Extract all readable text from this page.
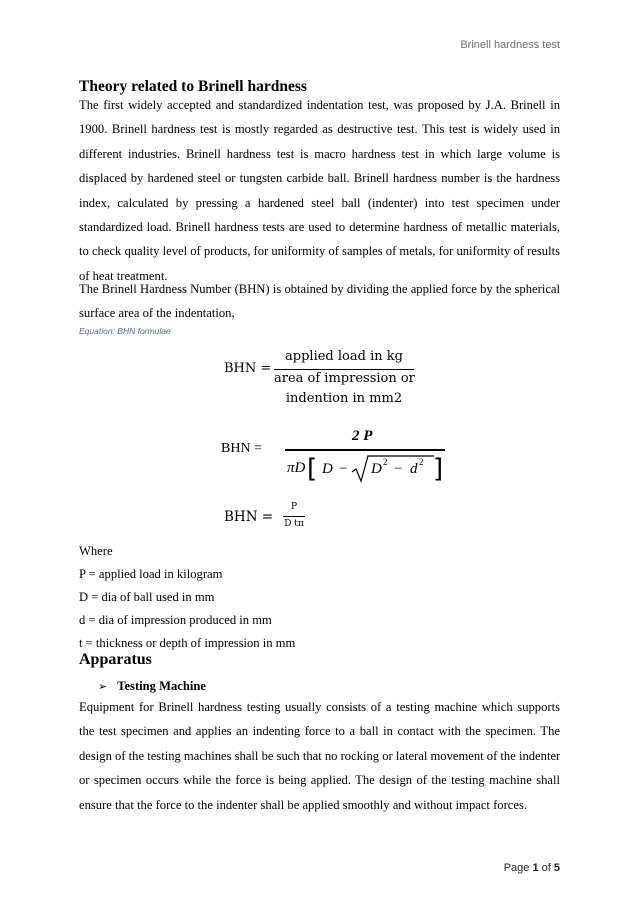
Brinell hardness test
Theory related to Brinell hardness
The first widely accepted and standardized indentation test, was proposed by J.A. Brinell in
1900. Brinell hardness test is mostly regarded as destructive test. This test is widely used in
different industries. Brinell hardness test is macro hardness test in which large volume is
displaced by hardened steel or tungsten carbide ball. Brinell hardness number is the hardness
index, calculated by pressing a hardened steel ball (indenter) into test specimen under
standardized load. Brinell hardness tests are used to determine hardness of metallic materials,
to check quality level of products, for uniformity of samples of metals, for uniformity of results
of heat treatment.
The Brinell Hardness Number (BHN) is obtained by dividing the applied force by the spherical
surface area of the indentation,
Equation: BHN formulae
BHN =
applied load in kg
area of impression or
indention in mm2
BHN =
2 P
πD [ D − D 2 − d 2 ]
BHN =
P
D tπ
Where
P = applied load in kilogram
D = dia of ball used in mm
d = dia of impression produced in mm
t = thickness or depth of impression in mm
Apparatus
➢ Testing Machine
Equipment for Brinell hardness testing usually consists of a testing machine which supports
the test specimen and applies an indenting force to a ball in contact with the specimen. The
design of the testing machines shall be such that no rocking or lateral movement of the indenter
or specimen occurs while the force is being applied. The design of the testing machine shall
ensure that the force to the indenter shall be applied smoothly and without impact forces.
Page 1 of 5
